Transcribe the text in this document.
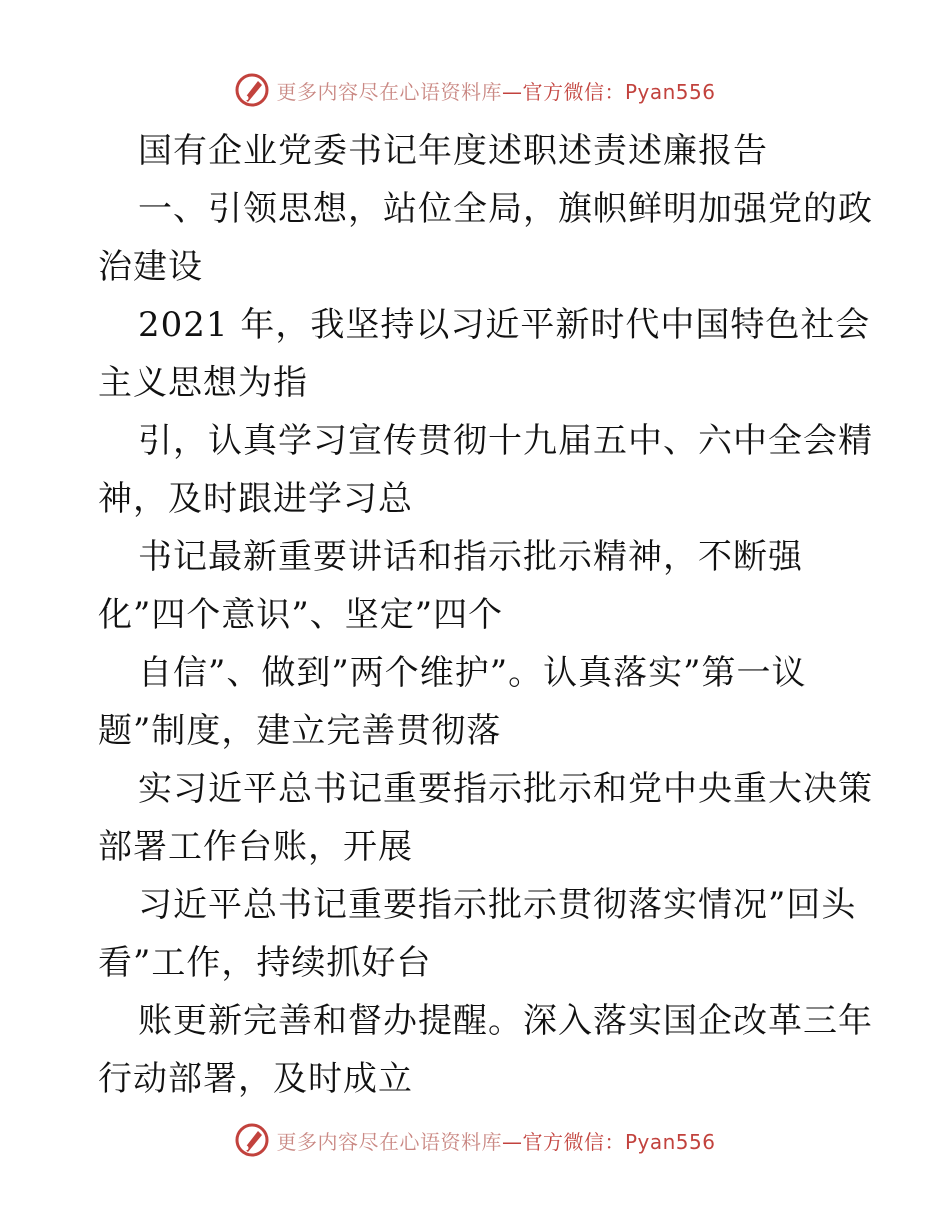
更多内容尽在心语资料库—官方微信：Pyan556

国有企业党委书记年度述职述责述廉报告

一、引领思想，站位全局，旗帜鲜明加强党的政
治建设

2021 年，我坚持以习近平新时代中国特色社会
主义思想为指

引，认真学习宣传贯彻十九届五中、六中全会精
神，及时跟进学习总

书记最新重要讲话和指示批示精神，不断强
化”四个意识”、坚定”四个

自信”、做到”两个维护”。认真落实”第一议
题”制度，建立完善贯彻落

实习近平总书记重要指示批示和党中央重大决策
部署工作台账，开展

习近平总书记重要指示批示贯彻落实情况”回头
看”工作，持续抓好台

账更新完善和督办提醒。深入落实国企改革三年
行动部署，及时成立

更多内容尽在心语资料库—官方微信：Pyan556
